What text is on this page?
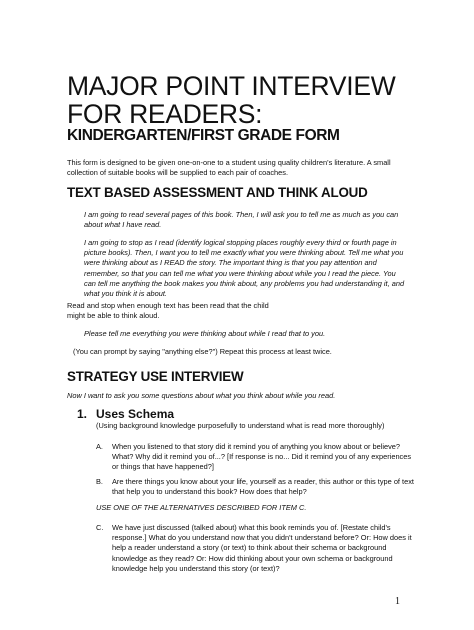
MAJOR POINT INTERVIEW
FOR READERS:
KINDERGARTEN/FIRST GRADE FORM

This form is designed to be given one-on-one to a student using quality children’s literature. A small collection of suitable books will be supplied to each pair of coaches.

TEXT BASED ASSESSMENT AND THINK ALOUD

I am going to read several pages of this book. Then, I will ask you to tell me as much as you can about what I have read.

I am going to stop as I read (identify logical stopping places roughly every third or fourth page in picture books). Then, I want you to tell me exactly what you were thinking about. Tell me what you were thinking about as I READ the story. The important thing is that you pay attention and remember, so that you can tell me what you were thinking about while you I read the piece. You can tell me anything the book makes you think about, any problems you had understanding it, and what you think it is about.

Read and stop when enough text has been read that the child might be able to think aloud.

Please tell me everything you were thinking about while I read that to you.

(You can prompt by saying "anything else?") Repeat this process at least twice.

STRATEGY USE INTERVIEW

Now I want to ask you some questions about what you think about while you read.

1. Uses Schema

(Using background knowledge purposefully to understand what is read more thoroughly)

A. When you listened to that story did it remind you of anything you know about or believe? What? Why did it remind you of...? [If response is no... Did it remind you of any experiences or things that have happened?]

B. Are there things you know about your life, yourself as a reader, this author or this type of text that help you to understand this book? How does that help?

USE ONE OF THE ALTERNATIVES DESCRIBED FOR ITEM C.

C. We have just discussed (talked about) what this book reminds you of. [Restate child's response.] What do you understand now that you didn't understand before? Or: How does it help a reader understand a story (or text) to think about their schema or background knowledge as they read? Or: How did thinking about your own schema or background knowledge help you understand this story (or text)?

1
